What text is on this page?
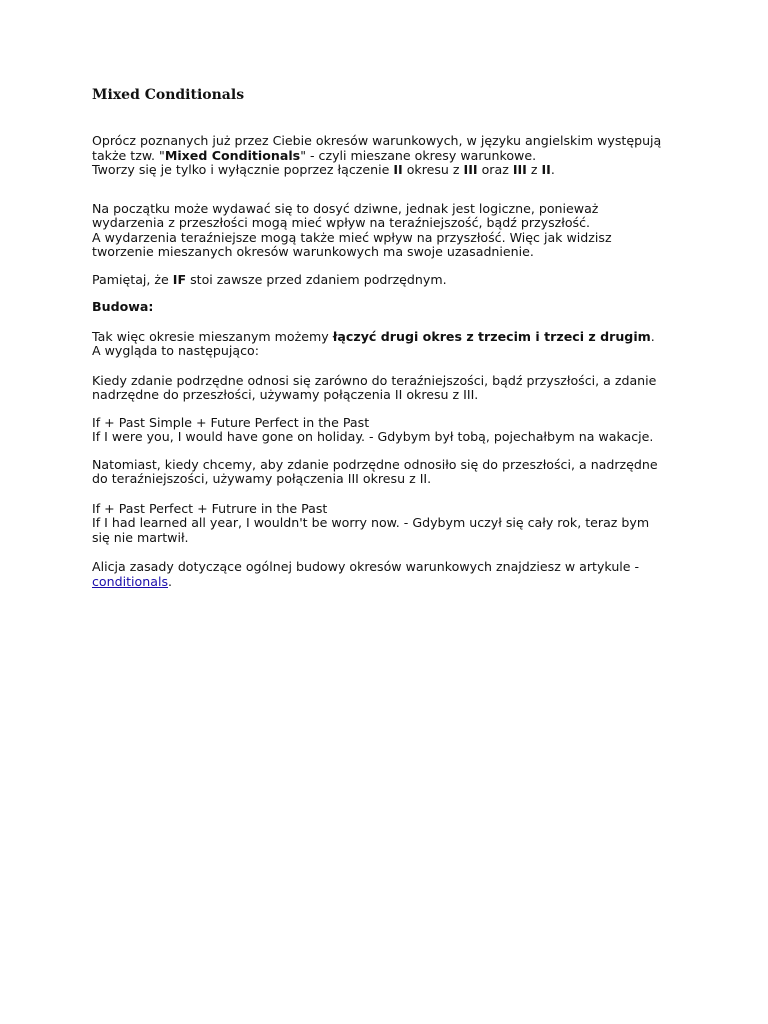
Mixed Conditionals

Oprócz poznanych już przez Ciebie okresów warunkowych, w języku angielskim występują
także tzw. "Mixed Conditionals" - czyli mieszane okresy warunkowe.
Tworzy się je tylko i wyłącznie poprzez łączenie II okresu z III oraz III z II.

Na początku może wydawać się to dosyć dziwne, jednak jest logiczne, ponieważ
wydarzenia z przeszłości mogą mieć wpływ na teraźniejszość, bądź przyszłość.
A wydarzenia teraźniejsze mogą także mieć wpływ na przyszłość. Więc jak widzisz
tworzenie mieszanych okresów warunkowych ma swoje uzasadnienie.

Pamiętaj, że IF stoi zawsze przed zdaniem podrzędnym.

Budowa:

Tak więc okresie mieszanym możemy łączyć drugi okres z trzecim i trzeci z drugim.
A wygląda to następująco:

Kiedy zdanie podrzędne odnosi się zarówno do teraźniejszości, bądź przyszłości, a zdanie
nadrzędne do przeszłości, używamy połączenia II okresu z III.

If + Past Simple + Future Perfect in the Past
If I were you, I would have gone on holiday. - Gdybym był tobą, pojechałbym na wakacje.

Natomiast, kiedy chcemy, aby zdanie podrzędne odnosiło się do przeszłości, a nadrzędne
do teraźniejszości, używamy połączenia III okresu z II.

If + Past Perfect + Futrure in the Past
If I had learned all year, I wouldn't be worry now. - Gdybym uczył się cały rok, teraz bym
się nie martwił.

Alicja zasady dotyczące ogólnej budowy okresów warunkowych znajdziesz w artykule -
conditionals.
